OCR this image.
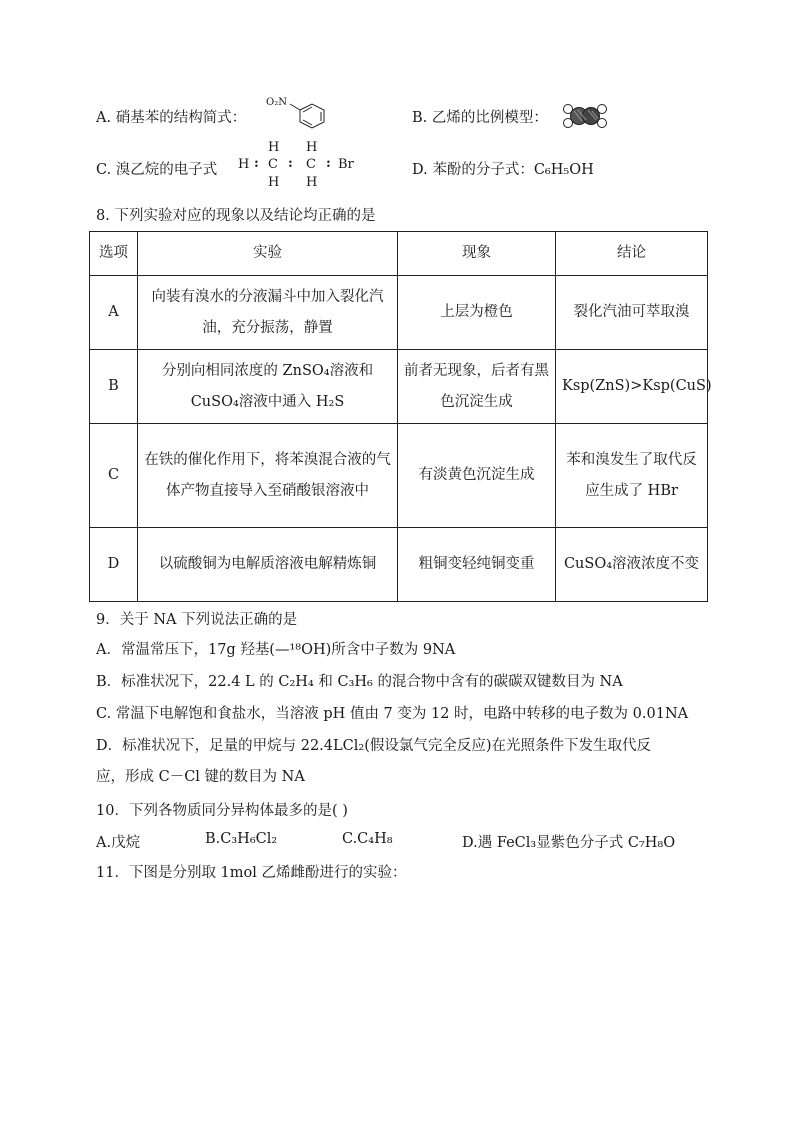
A. 硝基苯的结构简式：
O₂N
B. 乙烯的比例模型：
C. 溴乙烷的电子式
H H
H : C : C : Br
H H
D. 苯酚的分子式：C₆H₅OH
8. 下列实验对应的现象以及结论均正确的是
选项	实验	现象	结论
A	向装有溴水的分液漏斗中加入裂化汽油，充分振荡，静置	上层为橙色	裂化汽油可萃取溴
B	分别向相同浓度的 ZnSO₄溶液和 CuSO₄溶液中通入 H₂S	前者无现象，后者有黑色沉淀生成	Ksp(ZnS)>Ksp(CuS)
C	在铁的催化作用下，将苯溴混合液的气体产物直接导入至硝酸银溶液中	有淡黄色沉淀生成	苯和溴发生了取代反应生成了 HBr
D	以硫酸铜为电解质溶液电解精炼铜	粗铜变轻纯铜变重	CuSO₄溶液浓度不变
9．关于 NA 下列说法正确的是
A．常温常压下，17g 羟基(—¹⁸OH)所含中子数为 9NA
B．标准状况下，22.4 L 的 C₂H₄ 和 C₃H₆ 的混合物中含有的碳碳双键数目为 NA
C. 常温下电解饱和食盐水，当溶液 pH 值由 7 变为 12 时，电路中转移的电子数为 0.01NA
D．标准状况下，足量的甲烷与 22.4LCl₂(假设氯气完全反应)在光照条件下发生取代反
应，形成 C－Cl 键的数目为 NA
10．下列各物质同分异构体最多的是( )
A.戊烷	B.C₃H₆Cl₂	C.C₄H₈	D.遇 FeCl₃显紫色分子式 C₇H₈O
11．下图是分别取 1mol 乙烯雌酚进行的实验：
